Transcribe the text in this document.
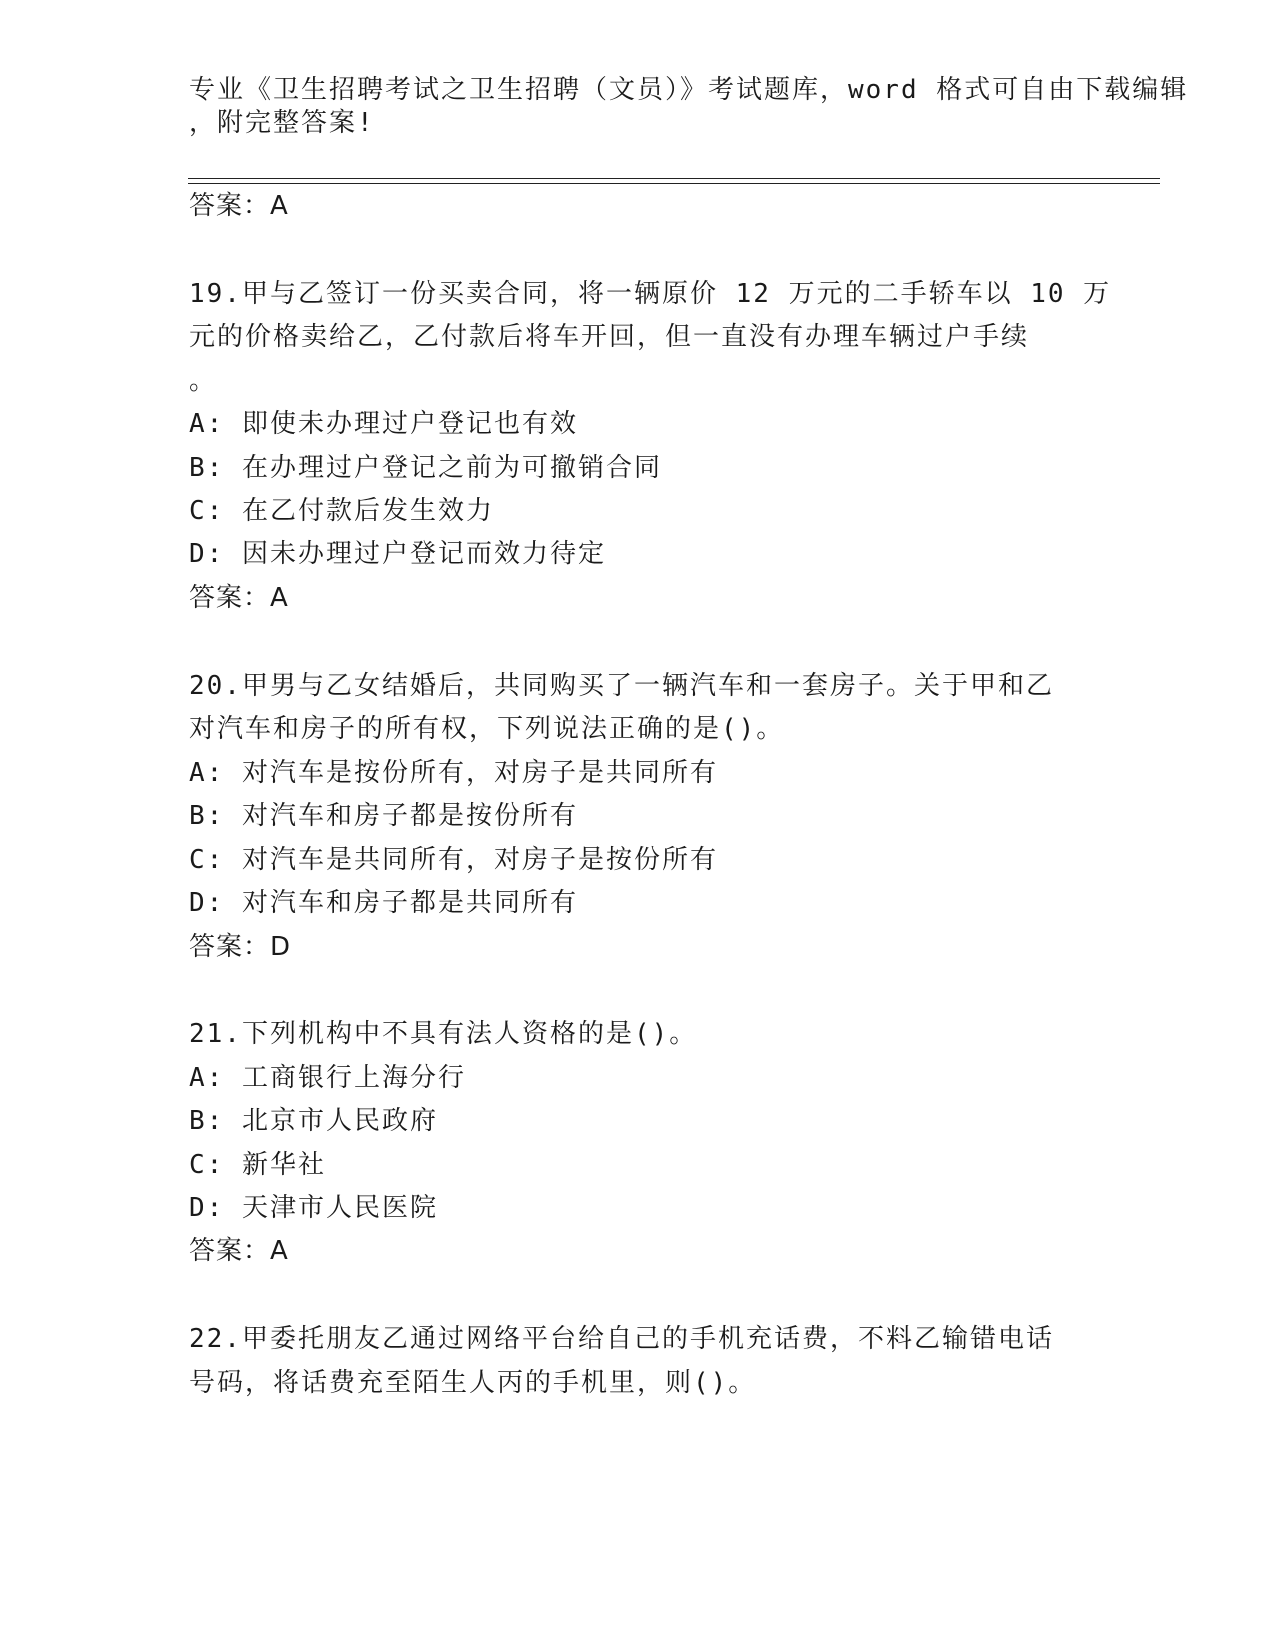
专业《卫生招聘考试之卫生招聘（文员）》考试题库，word 格式可自由下载编辑
，附完整答案!
答案：A
19.甲与乙签订一份买卖合同，将一辆原价 12 万元的二手轿车以 10 万
元的价格卖给乙，乙付款后将车开回，但一直没有办理车辆过户手续
。
A: 即使未办理过户登记也有效
B: 在办理过户登记之前为可撤销合同
C: 在乙付款后发生效力
D: 因未办理过户登记而效力待定
答案：A
20.甲男与乙女结婚后，共同购买了一辆汽车和一套房子。关于甲和乙
对汽车和房子的所有权，下列说法正确的是()。
A: 对汽车是按份所有，对房子是共同所有
B: 对汽车和房子都是按份所有
C: 对汽车是共同所有，对房子是按份所有
D: 对汽车和房子都是共同所有
答案：D
21.下列机构中不具有法人资格的是()。
A: 工商银行上海分行
B: 北京市人民政府
C: 新华社
D: 天津市人民医院
答案：A
22.甲委托朋友乙通过网络平台给自己的手机充话费，不料乙输错电话
号码，将话费充至陌生人丙的手机里，则()。
